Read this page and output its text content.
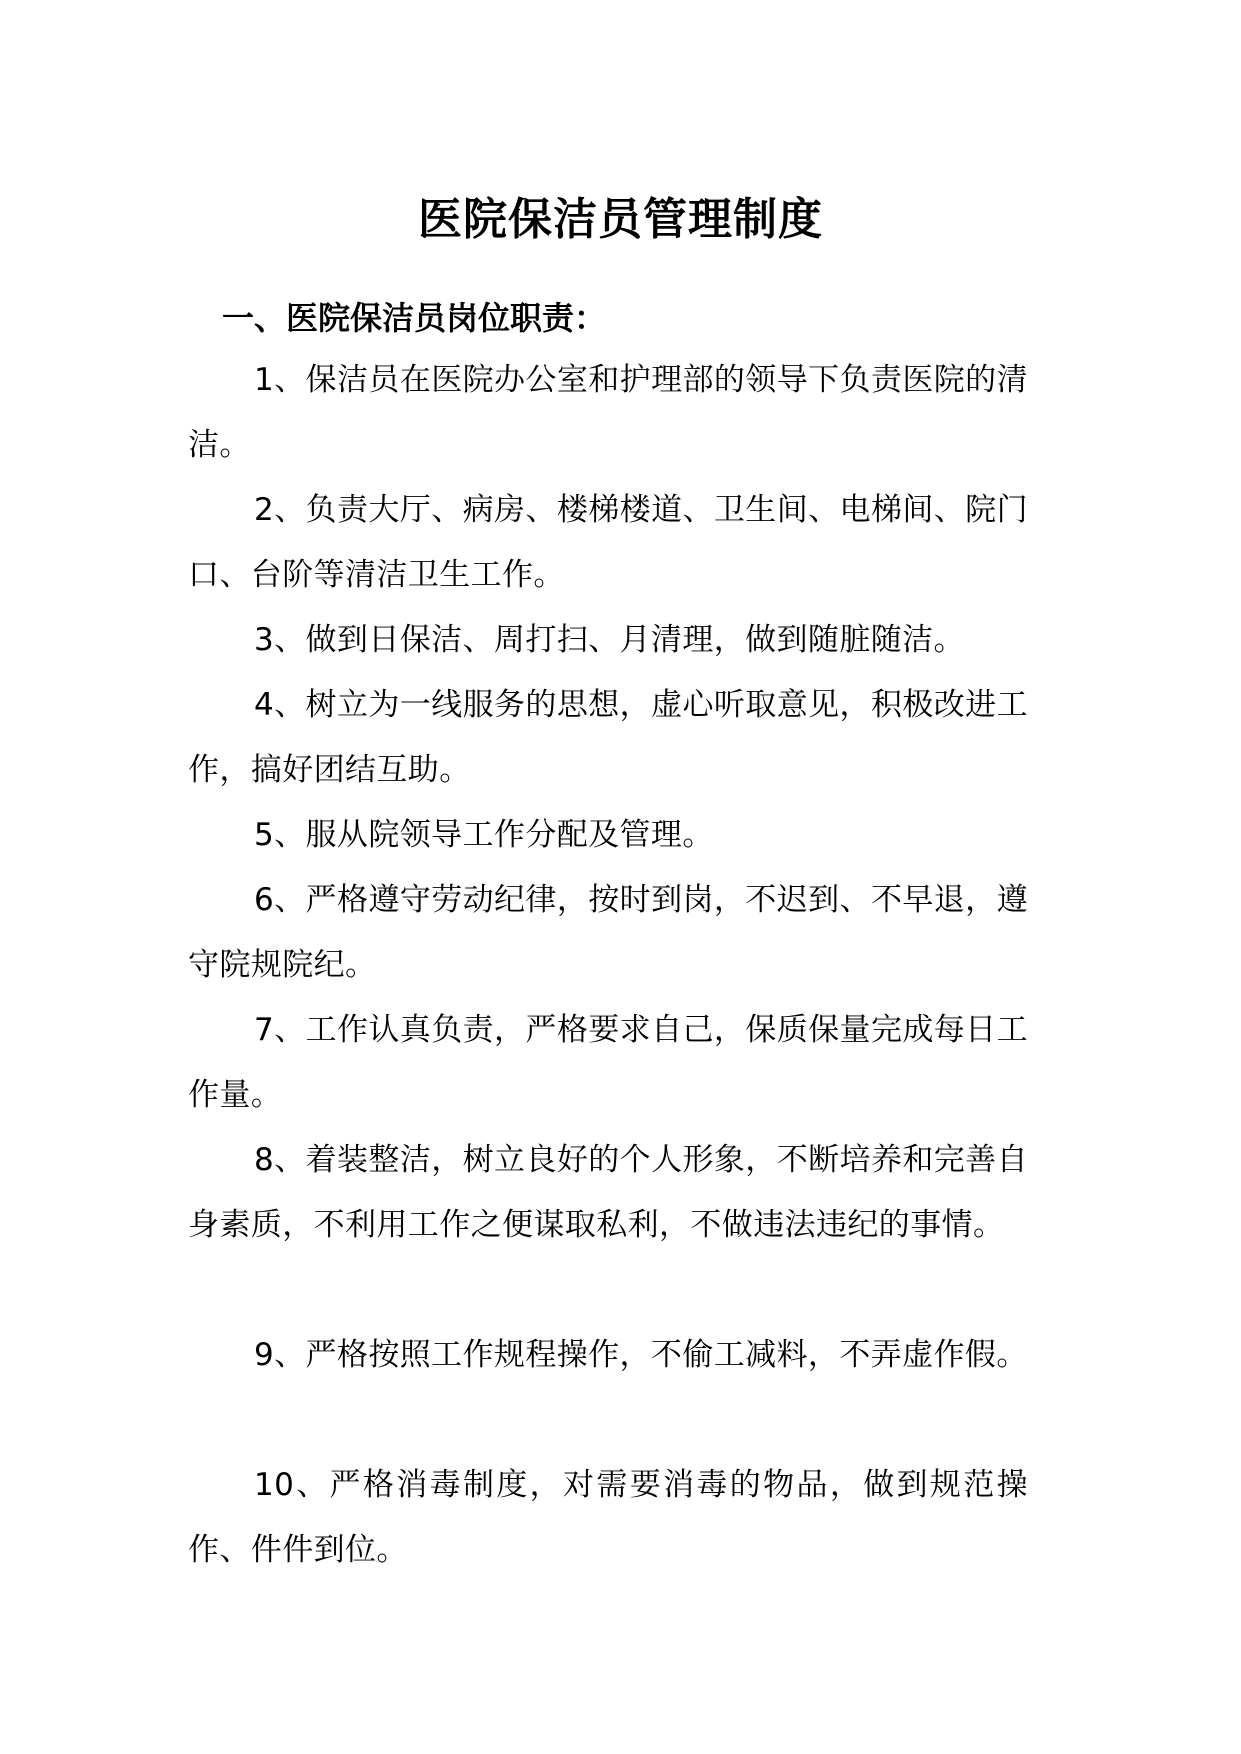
医院保洁员管理制度
一、医院保洁员岗位职责：

1、保洁员在医院办公室和护理部的领导下负责医院的清洁。

2、负责大厅、病房、楼梯楼道、卫生间、电梯间、院门口、台阶等清洁卫生工作。

3、做到日保洁、周打扫、月清理，做到随脏随洁。

4、树立为一线服务的思想，虚心听取意见，积极改进工作，搞好团结互助。

5、服从院领导工作分配及管理。

6、严格遵守劳动纪律，按时到岗，不迟到、不早退，遵守院规院纪。

7、工作认真负责，严格要求自己，保质保量完成每日工作量。

8、着装整洁，树立良好的个人形象，不断培养和完善自身素质，不利用工作之便谋取私利，不做违法违纪的事情。

9、严格按照工作规程操作，不偷工减料，不弄虚作假。

10、严格消毒制度，对需要消毒的物品，做到规范操作、件件到位。
